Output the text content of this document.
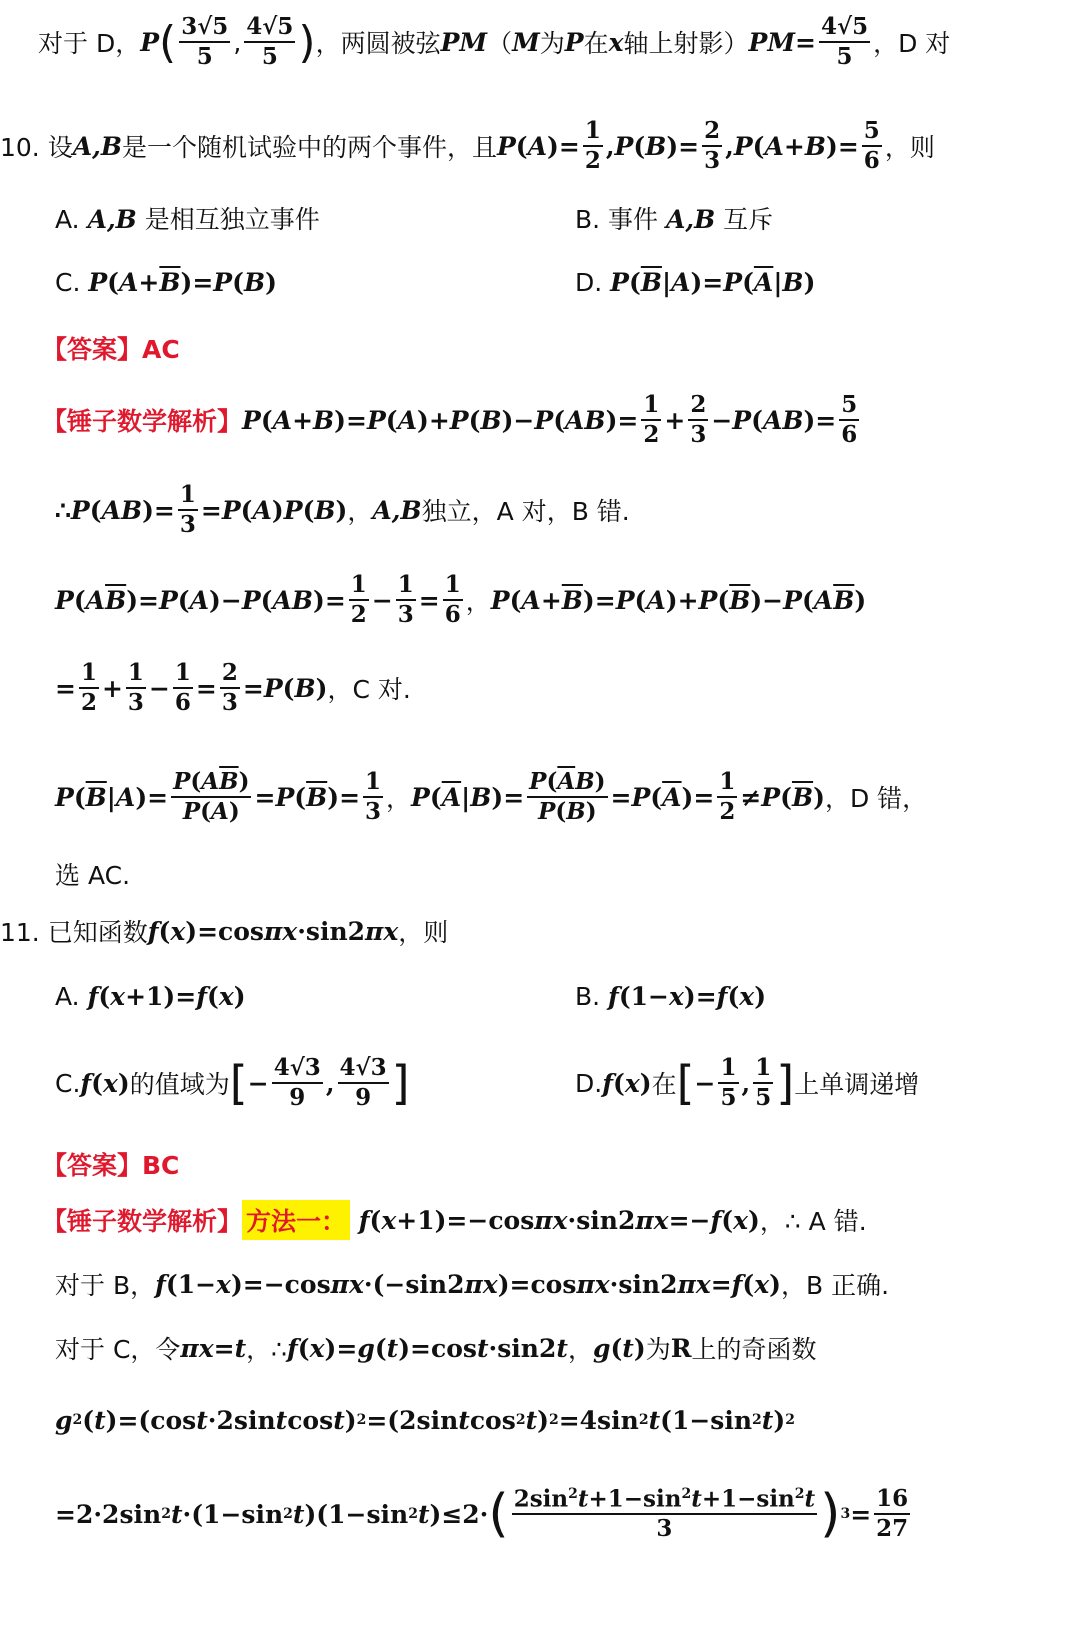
对于 D， P ( $\frac{3√5}{5}$ , $\frac{4√5}{5}$ ) ，两圆被弦 PM （ M 为 P 在 x 轴上射影） PM = $\frac{4√5}{5}$ ，D 对
10. 设 A,B 是一个随机试验中的两个事件，且 P ( A )= $\frac{1}{2}$ , P ( B )= $\frac{2}{3}$ , P ( A + B )= $\frac{5}{6}$ ，则
A. A,B 是相互独立事件	B. 事件 A,B 互斥
C. $P(A+\overline{B})=P(B)$	D. $P(\overline{B}|A)=P(\overline{A}|B)$
【答案】AC
【锤子数学解析】 P ( A + B )= P ( A )+ P ( B )− P ( AB )= $\frac{1}{2} + \frac{2}{3} - P$ ( AB )= $\frac{5}{6}$
∴ P ( AB )= $\frac{1}{3} = P$ ( A ) P ( B ) ， A,B 独立，A 对，B 错.
P ( A $\overline{B}$ )= P ( A )− P ( AB )= $\frac{1}{2} - \frac{1}{3} = \frac{1}{6}$ ， P ( $A + \overline{B}$ )= P ( A )+ P ( $\overline{B}$ )− P ( A $\overline{B}$ )
= $\frac{1}{2} + \frac{1}{3} - \frac{1}{6} = \frac{2}{3} = P$ ( B ) ，C 对.
P ( $\overline{B}$ | A )= $\frac{P(A\overline{B})}{P(A)} = P$ ( $\overline{B}$ )= $\frac{1}{3}$ ， P ( $\overline{A}$ | B )= $\frac{P(\overline{A}B)}{P(B)} = P$ ( $\overline{A}$ )= $\frac{1}{2} \ne P$ ( $\overline{B}$ ) ，D 错，
选 AC.
11. 已知函数 f ( x )=cos πx ·sin2 πx ，则
A. f(x+1)=f(x)	B. f(1−x)=f(x)
C. f ( x ) 的值域为 [ − $\frac{4√3}{9}$ , $\frac{4√3}{9}$ ]	D. f ( x ) 在 [ − $\frac{1}{5}$ , $\frac{1}{5}$ ] 上单调递增
【答案】BC
【锤子数学解析】 方法一： f ( x +1)=−cos πx ·sin2 πx =− f ( x ) ，∴ A 错.
对于 B， f (1− x )=−cos πx ·(−sin2 πx )=cos πx ·sin2 πx = f ( x ) ，B 正确.
对于 C，令 πx = t ，∴ f ( x )= g ( t )=cos t ·sin2 t ， g ( t ) 为 R 上的奇函数
g 2 ( t )=(cos t ·2sin t cos t ) 2 =(2sin t cos 2 t ) 2 =4sin 2 t (1−sin 2 t ) 2
=2·2sin 2 t ·(1−sin 2 t )(1−sin 2 t )≤2· ( $\frac{2\sin^2t+1-\sin^2t+1-\sin^2t}{3}$ ) $3 = \frac{16}{27}$
